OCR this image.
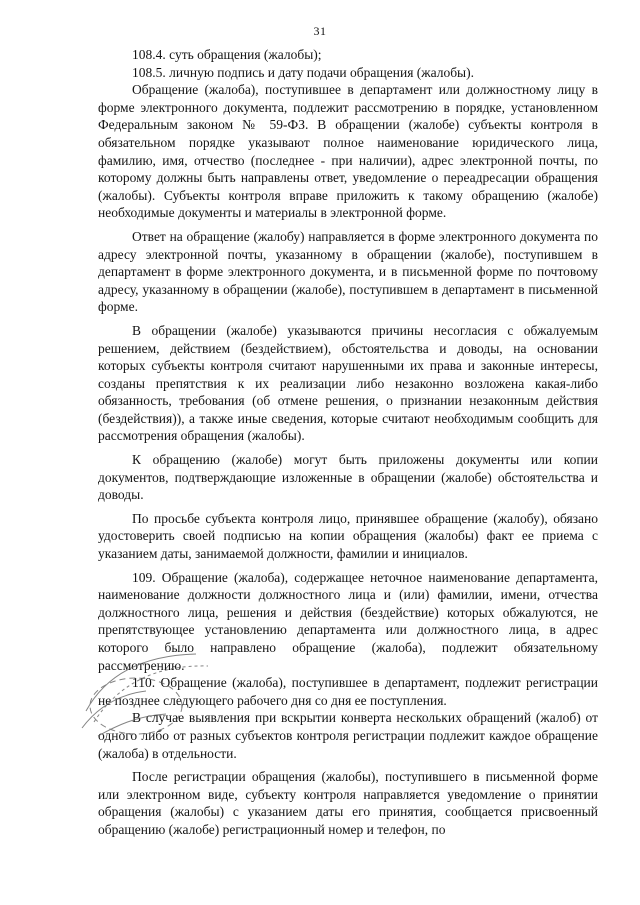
31

108.4. суть обращения (жалобы);

108.5. личную подпись и дату подачи обращения (жалобы).

Обращение (жалоба), поступившее в департамент или должностному лицу в форме электронного документа, подлежит рассмотрению в порядке, установленном Федеральным законом № 59-ФЗ. В обращении (жалобе) субъекты контроля в обязательном порядке указывают полное наименование юридического лица, фамилию, имя, отчество (последнее - при наличии), адрес электронной почты, по которому должны быть направлены ответ, уведомление о переадресации обращения (жалобы). Субъекты контроля вправе приложить к такому обращению (жалобе) необходимые документы и материалы в электронной форме.

Ответ на обращение (жалобу) направляется в форме электронного документа по адресу электронной почты, указанному в обращении (жалобе), поступившем в департамент в форме электронного документа, и в письменной форме по почтовому адресу, указанному в обращении (жалобе), поступившем в департамент в письменной форме.

В обращении (жалобе) указываются причины несогласия с обжалуемым решением, действием (бездействием), обстоятельства и доводы, на основании которых субъекты контроля считают нарушенными их права и законные интересы, созданы препятствия к их реализации либо незаконно возложена какая-либо обязанность, требования (об отмене решения, о признании незаконным действия (бездействия)), а также иные сведения, которые считают необходимым сообщить для рассмотрения обращения (жалобы).

К обращению (жалобе) могут быть приложены документы или копии документов, подтверждающие изложенные в обращении (жалобе) обстоятельства и доводы.

По просьбе субъекта контроля лицо, принявшее обращение (жалобу), обязано удостоверить своей подписью на копии обращения (жалобы) факт ее приема с указанием даты, занимаемой должности, фамилии и инициалов.

109. Обращение (жалоба), содержащее неточное наименование департамента, наименование должности должностного лица и (или) фамилии, имени, отчества должностного лица, решения и действия (бездействие) которых обжалуются, не препятствующее установлению департамента или должностного лица, в адрес которого было направлено обращение (жалоба), подлежит обязательному рассмотрению.

110. Обращение (жалоба), поступившее в департамент, подлежит регистрации не позднее следующего рабочего дня со дня ее поступления.

В случае выявления при вскрытии конверта нескольких обращений (жалоб) от одного либо от разных субъектов контроля регистрации подлежит каждое обращение (жалоба) в отдельности.

После регистрации обращения (жалобы), поступившего в письменной форме или электронном виде, субъекту контроля направляется уведомление о принятии обращения (жалобы) с указанием даты его принятия, сообщается присвоенный обращению (жалобе) регистрационный номер и телефон, по
